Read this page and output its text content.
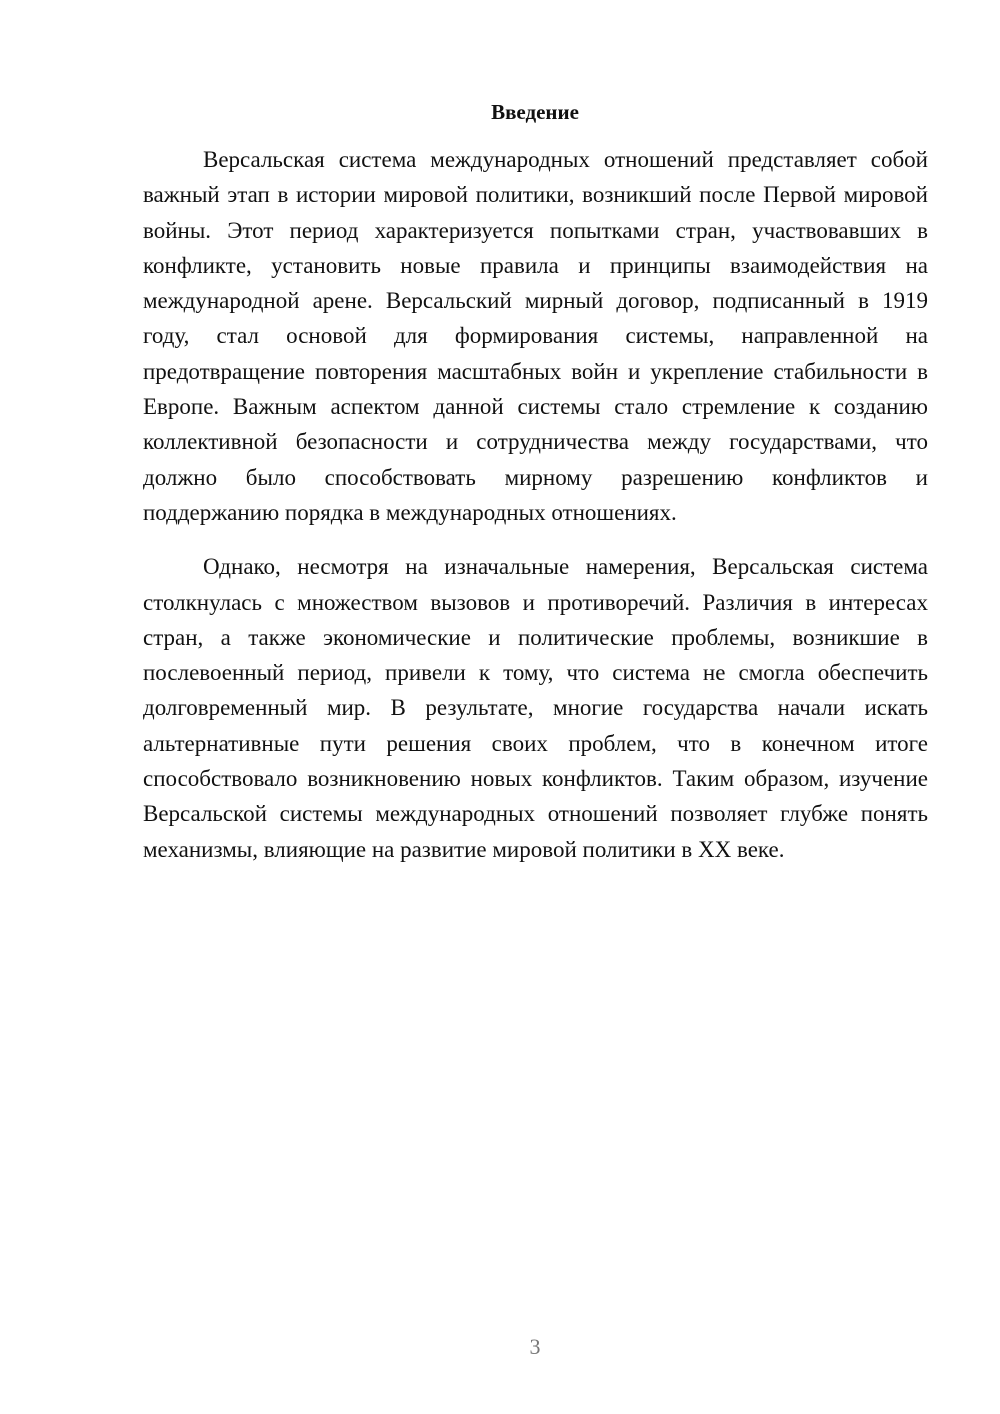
Введение

Версальская система международных отношений представляет собой важный этап в истории мировой политики, возникший после Первой мировой войны. Этот период характеризуется попытками стран, участвовавших в конфликте, установить новые правила и принципы взаимодействия на международной арене. Версальский мирный договор, подписанный в 1919 году, стал основой для формирования системы, направленной на предотвращение повторения масштабных войн и укрепление стабильности в Европе. Важным аспектом данной системы стало стремление к созданию коллективной безопасности и сотрудничества между государствами, что должно было способствовать мирному разрешению конфликтов и поддержанию порядка в международных отношениях.

Однако, несмотря на изначальные намерения, Версальская система столкнулась с множеством вызовов и противоречий. Различия в интересах стран, а также экономические и политические проблемы, возникшие в послевоенный период, привели к тому, что система не смогла обеспечить долговременный мир. В результате, многие государства начали искать альтернативные пути решения своих проблем, что в конечном итоге способствовало возникновению новых конфликтов. Таким образом, изучение Версальской системы международных отношений позволяет глубже понять механизмы, влияющие на развитие мировой политики в XX веке.

3
